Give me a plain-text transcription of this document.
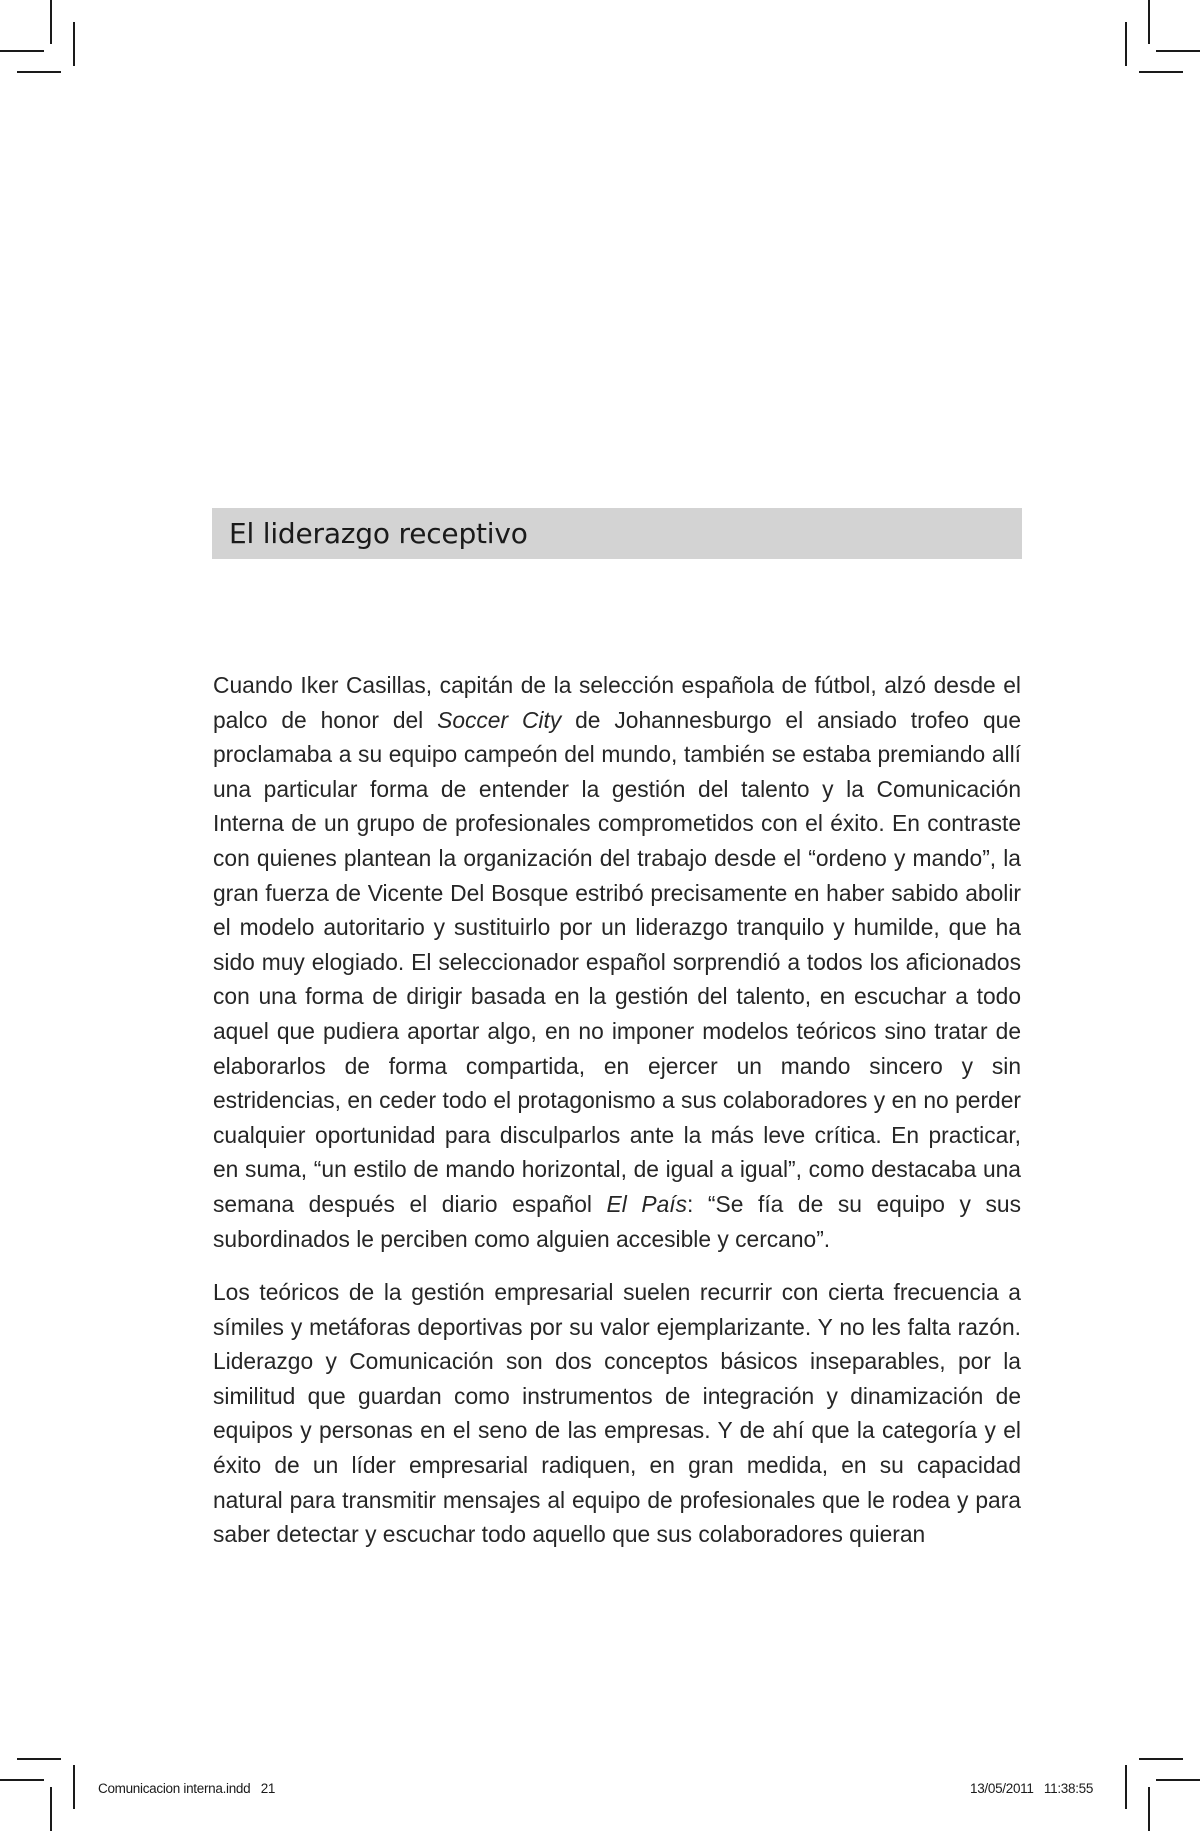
El liderazgo receptivo

Cuando Iker Casillas, capitán de la selección española de fútbol, alzó desde el palco de honor del Soccer City de Johannesburgo el ansiado trofeo que proclamaba a su equipo campeón del mundo, también se estaba premiando allí una particular forma de entender la gestión del talento y la Comunicación Interna de un grupo de profesionales comprometidos con el éxito. En contraste con quienes plantean la organización del trabajo desde el “ordeno y mando”, la gran fuerza de Vicente Del Bosque estribó precisamente en haber sabido abolir el modelo autoritario y sustituirlo por un liderazgo tranquilo y humilde, que ha sido muy elogiado. El seleccionador español sorprendió a todos los aficionados con una forma de dirigir basada en la gestión del talento, en escuchar a todo aquel que pudiera aportar algo, en no imponer modelos teóricos sino tratar de elaborarlos de forma compartida, en ejercer un mando sincero y sin estridencias, en ceder todo el protagonismo a sus colaboradores y en no perder cualquier oportunidad para disculparlos ante la más leve crítica. En practicar, en suma, “un estilo de mando horizontal, de igual a igual”, como destacaba una semana después el diario español El País: “Se fía de su equipo y sus subordinados le perciben como alguien accesible y cercano”.

Los teóricos de la gestión empresarial suelen recurrir con cierta frecuencia a símiles y metáforas deportivas por su valor ejemplarizante. Y no les falta razón. Liderazgo y Comunicación son dos conceptos básicos inseparables, por la similitud que guardan como instrumentos de integración y dinamización de equipos y personas en el seno de las empresas. Y de ahí que la categoría y el éxito de un líder empresarial radiquen, en gran medida, en su capacidad natural para transmitir mensajes al equipo de profesionales que le rodea y para saber detectar y escuchar todo aquello que sus colaboradores quieran

Comunicacion interna.indd   21	13/05/2011   11:38:55
